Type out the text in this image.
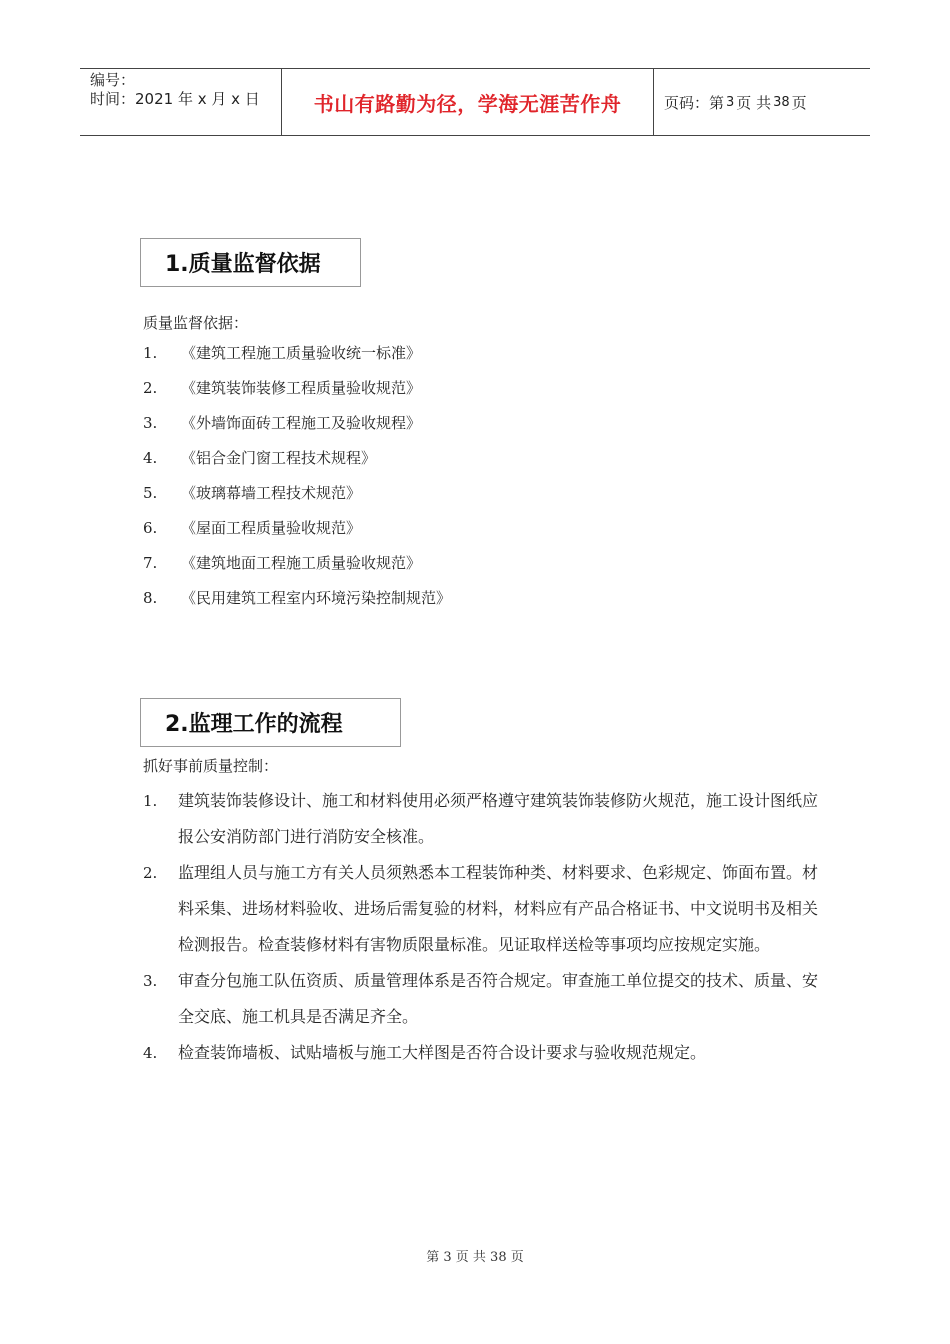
编号：
时间：2021 年 x 月 x 日	书山有路勤为径，学海无涯苦作舟	页码：第 3 页 共 38 页
1.质量监督依据
质量监督依据：
1.	《建筑工程施工质量验收统一标准》
2.	《建筑装饰装修工程质量验收规范》
3.	《外墙饰面砖工程施工及验收规程》
4.	《铝合金门窗工程技术规程》
5.	《玻璃幕墙工程技术规范》
6.	《屋面工程质量验收规范》
7.	《建筑地面工程施工质量验收规范》
8.	《民用建筑工程室内环境污染控制规范》
2.监理工作的流程
抓好事前质量控制：
1.	建筑装饰装修设计、施工和材料使用必须严格遵守建筑装饰装修防火规范，施工设计图纸应报公安消防部门进行消防安全核准。
2.	监理组人员与施工方有关人员须熟悉本工程装饰种类、材料要求、色彩规定、饰面布置。材料采集、进场材料验收、进场后需复验的材料，材料应有产品合格证书、中文说明书及相关检测报告。检查装修材料有害物质限量标准。见证取样送检等事项均应按规定实施。
3.	审查分包施工队伍资质、质量管理体系是否符合规定。审查施工单位提交的技术、质量、安全交底、施工机具是否满足齐全。
4.	检查装饰墙板、试贴墙板与施工大样图是否符合设计要求与验收规范规定。
第 3 页 共 38 页
